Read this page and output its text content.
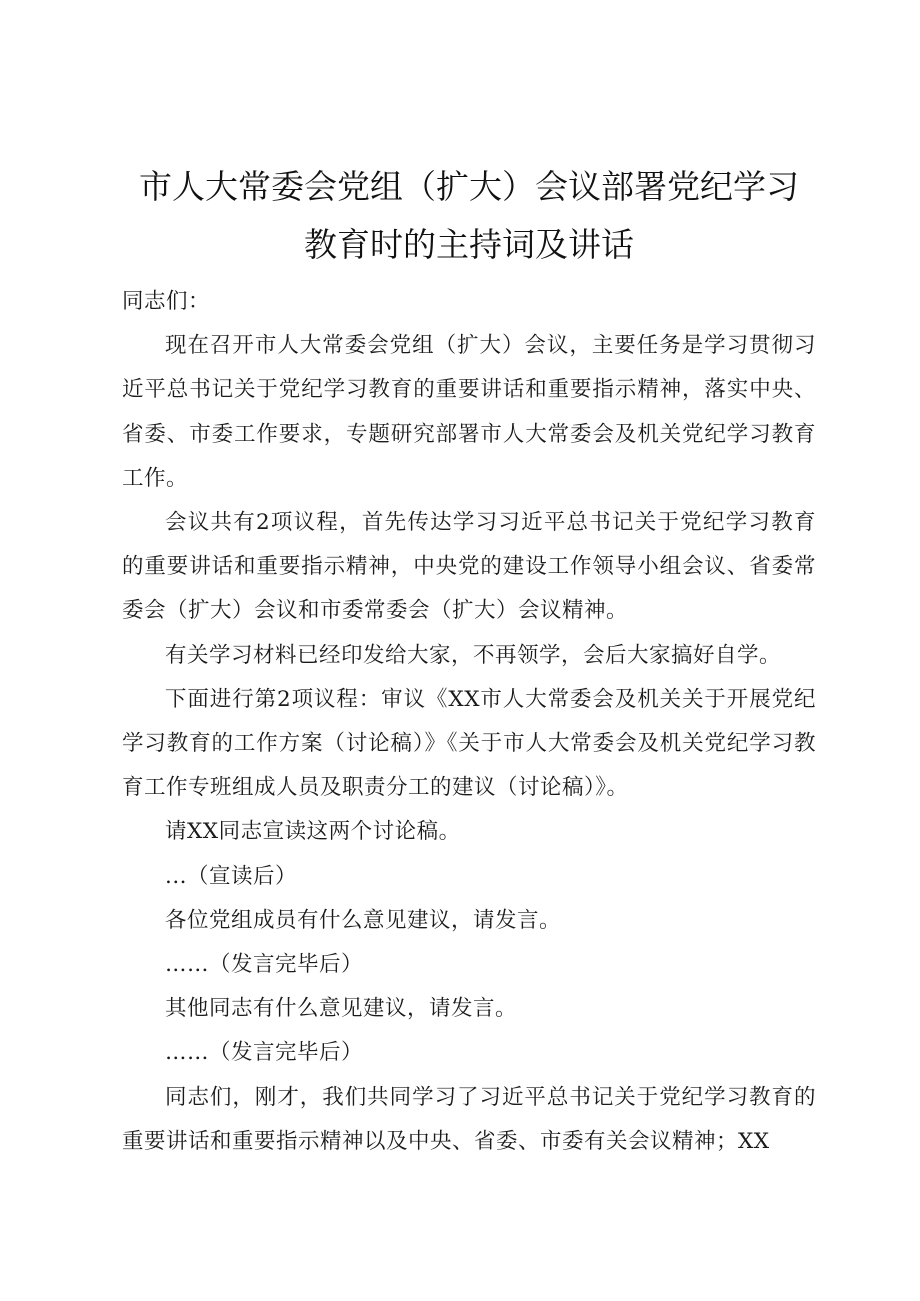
市人大常委会党组（扩大）会议部署党纪学习
教育时的主持词及讲话

同志们：

现在召开市人大常委会党组（扩大）会议，主要任务是学习贯彻习近平总书记关于党纪学习教育的重要讲话和重要指示精神，落实中央、省委、市委工作要求，专题研究部署市人大常委会及机关党纪学习教育工作。

会议共有2项议程，首先传达学习习近平总书记关于党纪学习教育的重要讲话和重要指示精神，中央党的建设工作领导小组会议、省委常委会（扩大）会议和市委常委会（扩大）会议精神。

有关学习材料已经印发给大家，不再领学，会后大家搞好自学。

下面进行第2项议程：审议《XX市人大常委会及机关关于开展党纪学习教育的工作方案（讨论稿）》《关于市人大常委会及机关党纪学习教育工作专班组成人员及职责分工的建议（讨论稿）》。

请XX同志宣读这两个讨论稿。

...（宣读后）

各位党组成员有什么意见建议，请发言。

……（发言完毕后）

其他同志有什么意见建议，请发言。

……（发言完毕后）

同志们，刚才，我们共同学习了习近平总书记关于党纪学习教育的重要讲话和重要指示精神以及中央、省委、市委有关会议精神；XX
